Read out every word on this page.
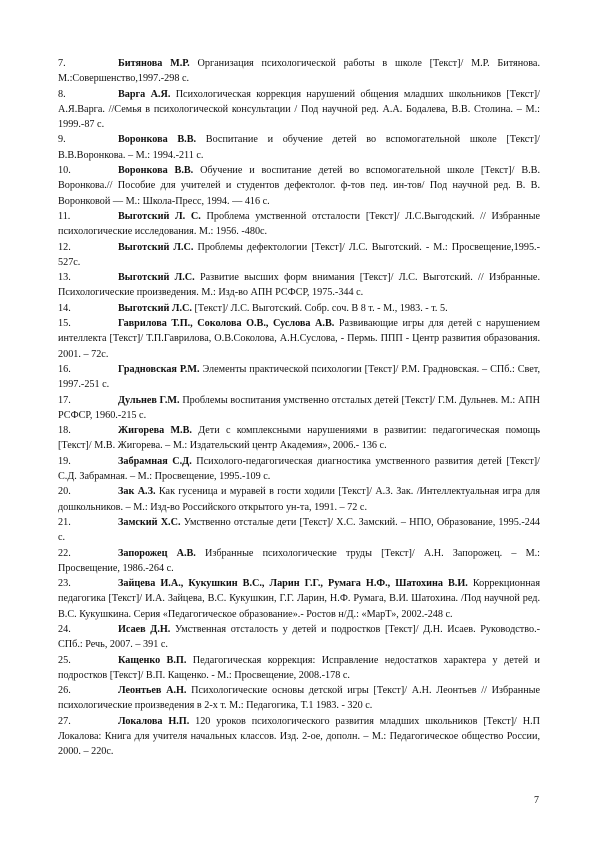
7.	Битянова М.Р. Организация психологической работы в школе [Текст]/ М.Р. Битянова. М.:Совершенство,1997.-298 с.

8.	Варга А.Я. Психологическая коррекция нарушений общения младших школьников [Текст]/ А.Я.Варга. //Семья в психологической консультации / Под научной ред. А.А. Бодалева, В.В. Столина. – М.: 1999.-87 с.

9.	Воронкова В.В. Воспитание и обучение детей во вспомогательной школе [Текст]/ В.В.Воронкова. – М.: 1994.-211 с.

10.	Воронкова В.В. Обучение и воспитание детей во вспомогательной школе [Текст]/ В.В. Воронкова.// Пособие для учителей и студентов дефектолог. ф-тов пед. ин-тов/ Под научной ред. В. В. Воронковой — М.: Школа-Пресс, 1994. — 416 с.

11.	Выготский Л. С. Проблема умственной отсталости [Текст]/ Л.С.Выгодский. // Избранные психологические исследования. М.: 1956. -480с.

12.	Выготский Л.С. Проблемы дефектологии [Текст]/ Л.С. Выготский. - М.: Просвещение,1995.- 527с.

13.	Выготский Л.С. Развитие высших форм внимания [Текст]/ Л.С. Выготский. // Избранные. Психологические произведения. М.: Изд-во АПН РСФСР, 1975.-344 с.

14.	Выготский Л.С. [Текст]/ Л.С. Выготский. Собр. соч. В 8 т. - М., 1983. - т. 5.

15.	Гаврилова Т.П., Соколова О.В., Суслова А.В. Развивающие игры для детей с нарушением интеллекта [Текст]/ Т.П.Гаврилова, О.В.Соколова, А.Н.Суслова, - Пермь. ППП - Центр развития образования. 2001. – 72с.

16.	Градновская Р.М. Элементы практической психологии [Текст]/ Р.М. Градновская. – СПб.: Свет, 1997.-251 с.

17.	Дульнев Г.М. Проблемы воспитания умственно отсталых детей [Текст]/ Г.М. Дульнев. М.: АПН РСФСР, 1960.-215 с.

18.	Жигорева М.В. Дети с комплексными нарушениями в развитии: педагогическая помощь [Текст]/ М.В. Жигорева. – М.: Издательский центр Академия», 2006.- 136 с.

19.	Забрамная С.Д. Психолого-педагогическая диагностика умственного развития детей [Текст]/ С.Д. Забрамная. – М.: Просвещение, 1995.-109 с.

20.	Зак А.З. Как гусеница и муравей в гости ходили [Текст]/ А.З. Зак. /Интеллектуальная игра для дошкольников. – М.: Изд-во Российского открытого ун-та, 1991. – 72 с.

21.	Замский Х.С. Умственно отсталые дети [Текст]/ Х.С. Замский. – НПО, Образование, 1995.-244 с.

22.	Запорожец А.В. Избранные психологические труды [Текст]/ А.Н. Запорожец. – М.: Просвещение, 1986.-264 с.

23.	Зайцева И.А., Кукушкин В.С., Ларин Г.Г., Румага Н.Ф., Шатохина В.И. Коррекционная педагогика [Текст]/ И.А. Зайцева, В.С. Кукушкин, Г.Г. Ларин, Н.Ф. Румага, В.И. Шатохина. /Под научной ред. В.С. Кукушкина. Серия «Педагогическое образование».- Ростов н/Д.: «МарТ», 2002.-248 с.

24.	Исаев Д.Н. Умственная отсталость у детей и подростков [Текст]/ Д.Н. Исаев. Руководство.- СПб.: Речь, 2007. – 391 с.

25.	Кащенко В.П. Педагогическая коррекция: Исправление недостатков характера у детей и подростков [Текст]/ В.П. Кащенко. - М.: Просвещение, 2008.-178 с.

26.	Леонтьев А.Н. Психологические основы детской игры [Текст]/ А.Н. Леонтьев // Избранные психологические произведения в 2-х т. М.: Педагогика, Т.1 1983. - 320 с.

27.	Локалова Н.П. 120 уроков психологического развития младших школьников [Текст]/ Н.П Локалова: Книга для учителя начальных классов. Изд. 2-ое, дополн. – М.: Педагогическое общество России, 2000. – 220с.

7
